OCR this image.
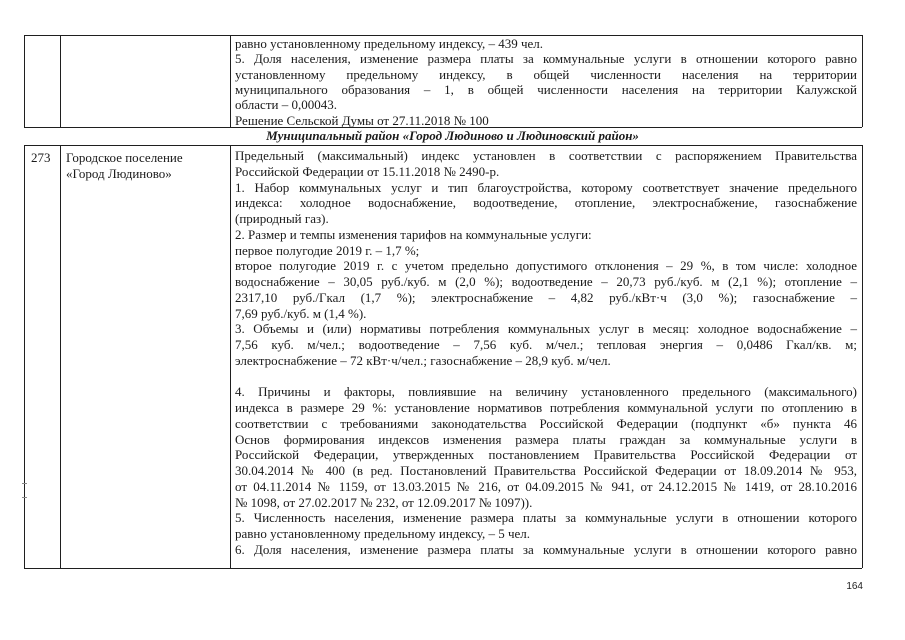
равно установленному предельному индексу, – 439 чел.
5. Доля населения, изменение размера платы за коммунальные услуги в отношении которого равно
установленному предельному индексу, в общей численности населения на территории
муниципального образования – 1, в общей численности населения на территории Калужской
области – 0,00043.
Решение Сельской Думы от 27.11.2018 № 100
Муниципальный район «Город Людиново и Людиновский район»
273 Городское поселение
«Город Людиново»
Предельный (максимальный) индекс установлен в соответствии с распоряжением Правительства
Российской Федерации от 15.11.2018 № 2490-р.
1. Набор коммунальных услуг и тип благоустройства, которому соответствует значение предельного
индекса: холодное водоснабжение, водоотведение, отопление, электроснабжение, газоснабжение
(природный газ).
2. Размер и темпы изменения тарифов на коммунальные услуги:
первое полугодие 2019 г. – 1,7 %;
второе полугодие 2019 г. с учетом предельно допустимого отклонения – 29 %, в том числе: холодное
водоснабжение – 30,05 руб./куб. м (2,0 %); водоотведение – 20,73 руб./куб. м (2,1 %); отопление –
2317,10 руб./Гкал (1,7 %); электроснабжение – 4,82 руб./кВт·ч (3,0 %); газоснабжение –
7,69 руб./куб. м (1,4 %).
3. Объемы и (или) нормативы потребления коммунальных услуг в месяц: холодное водоснабжение –
7,56 куб. м/чел.; водоотведение – 7,56 куб. м/чел.; тепловая энергия – 0,0486 Гкал/кв. м;
электроснабжение – 72 кВт·ч/чел.; газоснабжение – 28,9 куб. м/чел.
4. Причины и факторы, повлиявшие на величину установленного предельного (максимального)
индекса в размере 29 %: установление нормативов потребления коммунальной услуги по отоплению в
соответствии с требованиями законодательства Российской Федерации (подпункт «б» пункта 46
Основ формирования индексов изменения размера платы граждан за коммунальные услуги в
Российской Федерации, утвержденных постановлением Правительства Российской Федерации от
30.04.2014 № 400 (в ред. Постановлений Правительства Российской Федерации от 18.09.2014 № 953,
от 04.11.2014 № 1159, от 13.03.2015 № 216, от 04.09.2015 № 941, от 24.12.2015 № 1419, от 28.10.2016
№ 1098, от 27.02.2017 № 232, от 12.09.2017 № 1097)).
5. Численность населения, изменение размера платы за коммунальные услуги в отношении которого
равно установленному предельному индексу, – 5 чел.
6. Доля населения, изменение размера платы за коммунальные услуги в отношении которого равно
164
